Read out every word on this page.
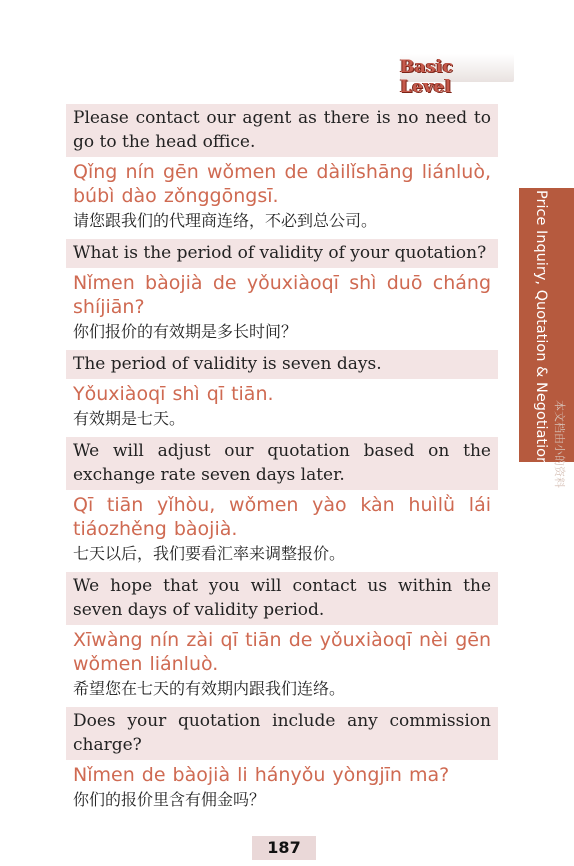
Basic Level
Price Inquiry, Quotation & Negotiation 本文档由小的资料
Please contact our agent as there is no need to go to the head office.
Qǐng nín gēn wǒmen de dàilǐshāng liánluò, búbì dào zǒnggōngsī.
请您跟我们的代理商连络，不必到总公司。
What is the period of validity of your quotation?
Nǐmen bàojià de yǒuxiàoqī shì duō cháng shíjiān?
你们报价的有效期是多长时间？
The period of validity is seven days.
Yǒuxiàoqī shì qī tiān.
有效期是七天。
We will adjust our quotation based on the exchange rate seven days later.
Qī tiān yǐhòu, wǒmen yào kàn huìlǜ lái tiáozhěng bàojià.
七天以后，我们要看汇率来调整报价。
We hope that you will contact us within the seven days of validity period.
Xīwàng nín zài qī tiān de yǒuxiàoqī nèi gēn wǒmen liánluò.
希望您在七天的有效期内跟我们连络。
Does your quotation include any commission charge?
Nǐmen de bàojià li hányǒu yòngjīn ma?
你们的报价里含有佣金吗？
187
